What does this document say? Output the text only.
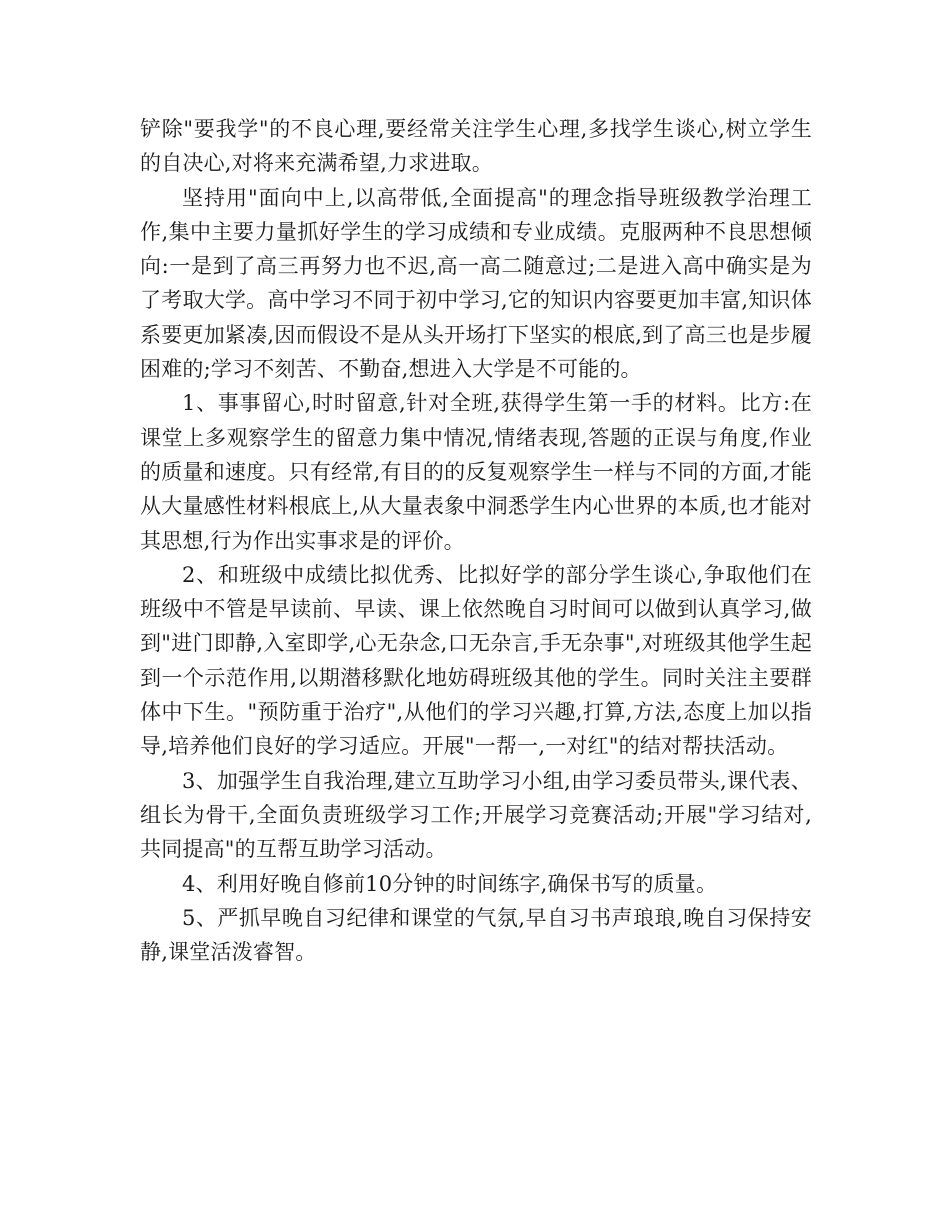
铲除"要我学"的不良心理,要经常关注学生心理,多找学生谈心,树立学生的自决心,对将来充满希望,力求进取。

坚持用"面向中上,以高带低,全面提高"的理念指导班级教学治理工作,集中主要力量抓好学生的学习成绩和专业成绩。克服两种不良思想倾向:一是到了高三再努力也不迟,高一高二随意过;二是进入高中确实是为了考取大学。高中学习不同于初中学习,它的知识内容要更加丰富,知识体系要更加紧凑,因而假设不是从头开场打下坚实的根底,到了高三也是步履困难的;学习不刻苦、不勤奋,想进入大学是不可能的。

1、事事留心,时时留意,针对全班,获得学生第一手的材料。比方:在课堂上多观察学生的留意力集中情况,情绪表现,答题的正误与角度,作业的质量和速度。只有经常,有目的的反复观察学生一样与不同的方面,才能从大量感性材料根底上,从大量表象中洞悉学生内心世界的本质,也才能对其思想,行为作出实事求是的评价。

2、和班级中成绩比拟优秀、比拟好学的部分学生谈心,争取他们在班级中不管是早读前、早读、课上依然晚自习时间可以做到认真学习,做到"进门即静,入室即学,心无杂念,口无杂言,手无杂事",对班级其他学生起到一个示范作用,以期潜移默化地妨碍班级其他的学生。同时关注主要群体中下生。"预防重于治疗",从他们的学习兴趣,打算,方法,态度上加以指导,培养他们良好的学习适应。开展"一帮一,一对红"的结对帮扶活动。

3、加强学生自我治理,建立互助学习小组,由学习委员带头,课代表、组长为骨干,全面负责班级学习工作;开展学习竞赛活动;开展"学习结对,共同提高"的互帮互助学习活动。

4、利用好晚自修前10分钟的时间练字,确保书写的质量。

5、严抓早晚自习纪律和课堂的气氛,早自习书声琅琅,晚自习保持安静,课堂活泼睿智。
